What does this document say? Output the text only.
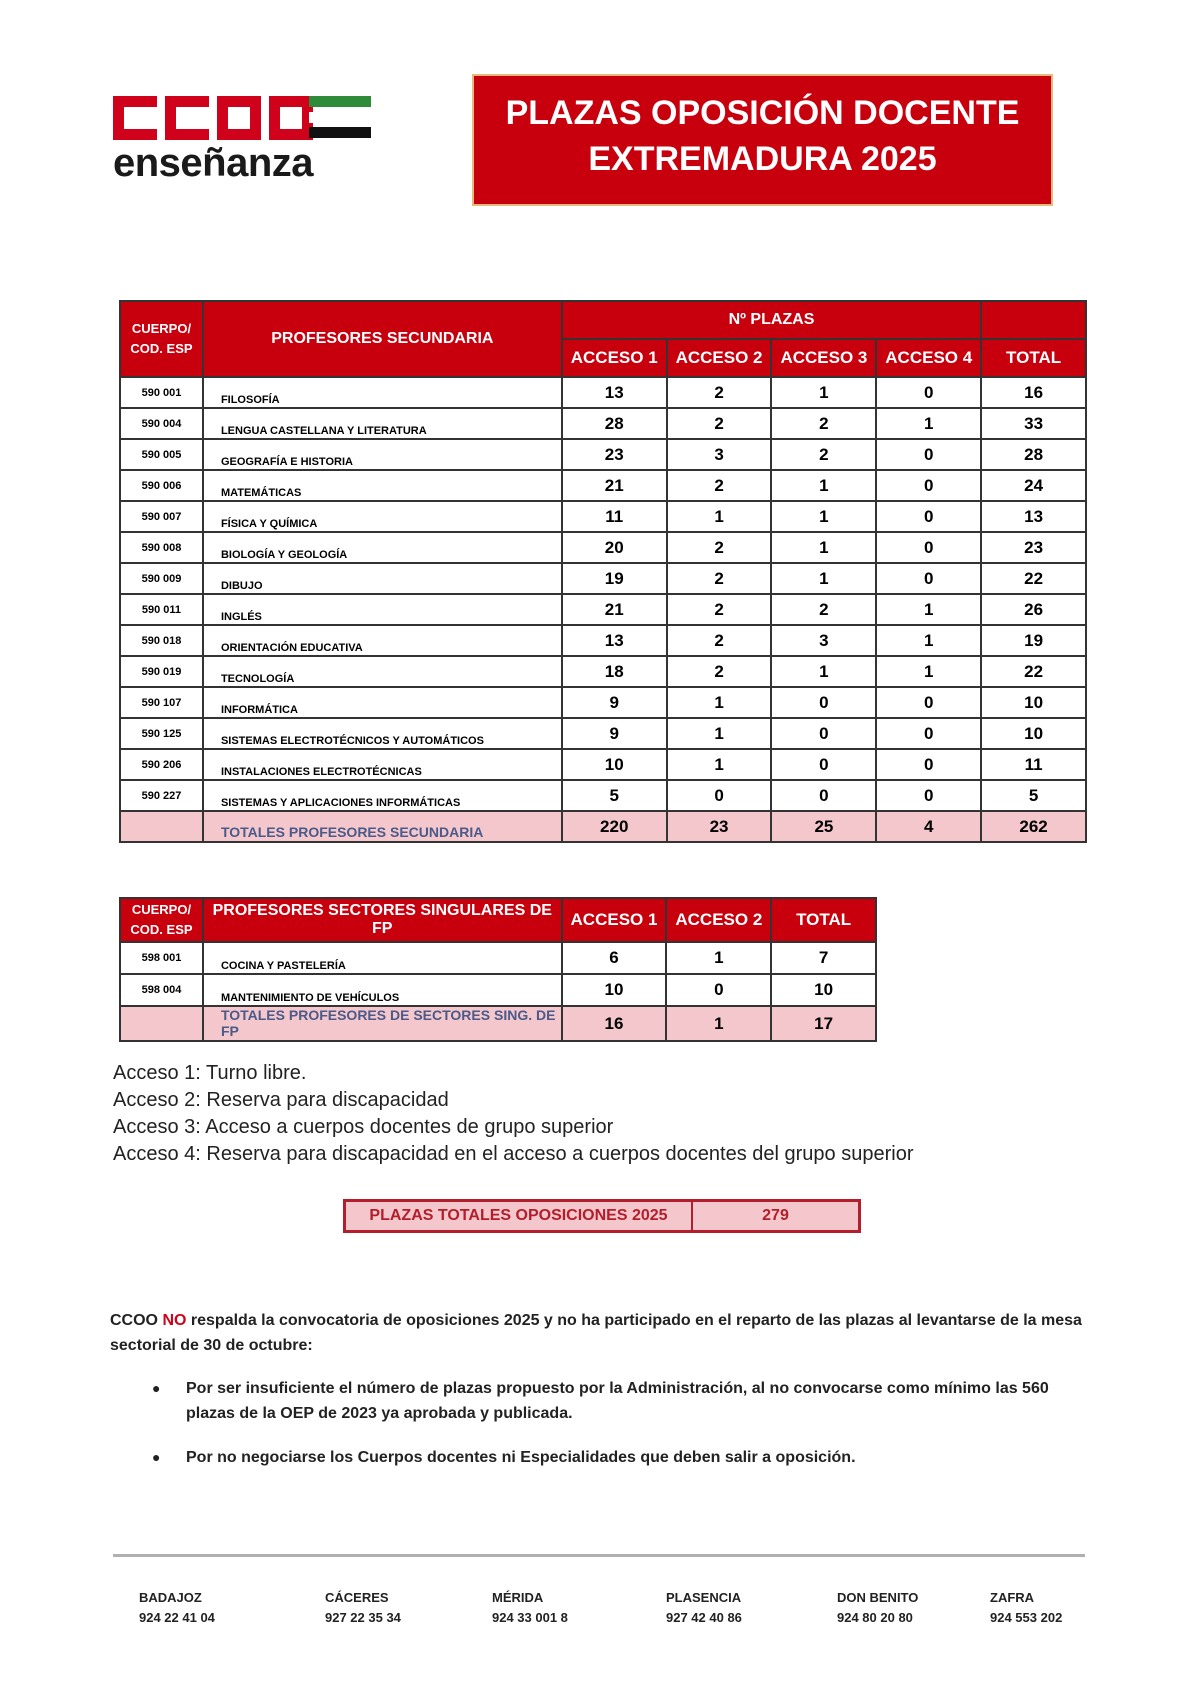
enseñanza
PLAZAS OPOSICIÓN DOCENTE
EXTREMADURA 2025
CUERPO/ COD. ESP	PROFESORES SECUNDARIA	Nº PLAZAS				
		ACCESO 1	ACCESO 2	ACCESO 3	ACCESO 4	TOTAL
590 001	FILOSOFÍA	13	2	1	0	16
590 004	LENGUA CASTELLANA Y LITERATURA	28	2	2	1	33
590 005	GEOGRAFÍA E HISTORIA	23	3	2	0	28
590 006	MATEMÁTICAS	21	2	1	0	24
590 007	FÍSICA Y QUÍMICA	11	1	1	0	13
590 008	BIOLOGÍA Y GEOLOGÍA	20	2	1	0	23
590 009	DIBUJO	19	2	1	0	22
590 011	INGLÉS	21	2	2	1	26
590 018	ORIENTACIÓN EDUCATIVA	13	2	3	1	19
590 019	TECNOLOGÍA	18	2	1	1	22
590 107	INFORMÁTICA	9	1	0	0	10
590 125	SISTEMAS ELECTROTÉCNICOS Y AUTOMÁTICOS	9	1	0	0	10
590 206	INSTALACIONES ELECTROTÉCNICAS	10	1	0	0	11
590 227	SISTEMAS Y APLICACIONES INFORMÁTICAS	5	0	0	0	5
	TOTALES PROFESORES SECUNDARIA	220	23	25	4	262
CUERPO/ COD. ESP	PROFESORES SECTORES SINGULARES DE FP	ACCESO 1	ACCESO 2	TOTAL
598 001	COCINA Y PASTELERÍA	6	1	7
598 004	MANTENIMIENTO DE VEHÍCULOS	10	0	10
	TOTALES PROFESORES DE SECTORES SING. DE FP	16	1	17
Acceso 1: Turno libre.
Acceso 2: Reserva para discapacidad
Acceso 3: Acceso a cuerpos docentes de grupo superior
Acceso 4: Reserva para discapacidad en el acceso a cuerpos docentes del grupo superior
PLAZAS TOTALES OPOSICIONES 2025	279
CCOO NO respalda la convocatoria de oposiciones 2025 y no ha participado en el reparto de las plazas al levantarse de la mesa sectorial de 30 de octubre:
● Por ser insuficiente el número de plazas propuesto por la Administración, al no convocarse como mínimo las 560 plazas de la OEP de 2023 ya aprobada y publicada.
● Por no negociarse los Cuerpos docentes ni Especialidades que deben salir a oposición.
BADAJOZ
924 22 41 04
CÁCERES
927 22 35 34
MÉRIDA
924 33 001 8
PLASENCIA
927 42 40 86
DON BENITO
924 80 20 80
ZAFRA
924 553 202
